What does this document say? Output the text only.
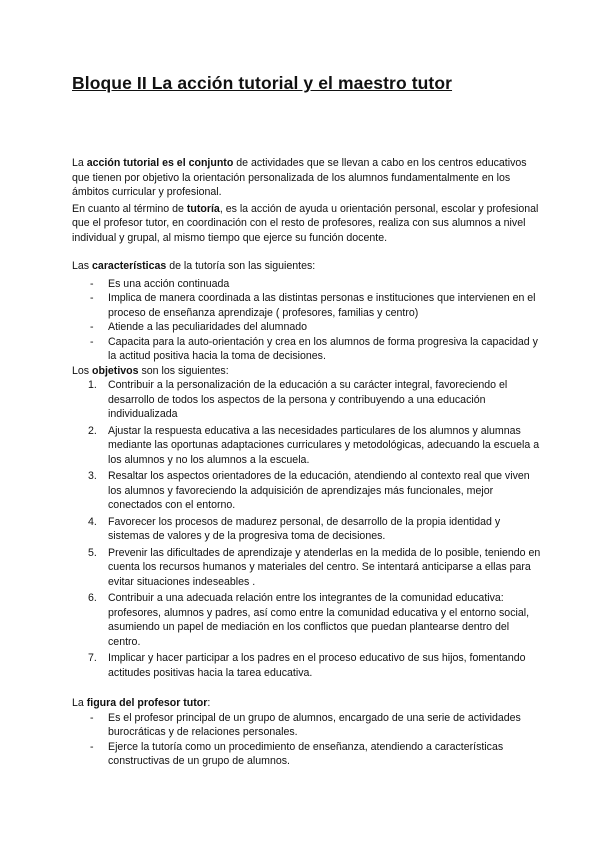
Bloque II La acción tutorial y el maestro tutor

La acción tutorial es el conjunto de actividades que se llevan a cabo en los centros educativos que tienen por objetivo la orientación personalizada de los alumnos fundamentalmente en los ámbitos curricular y profesional.

En cuanto al término de tutoría, es la acción de ayuda u orientación personal, escolar y profesional que el profesor tutor, en coordinación con el resto de profesores, realiza con sus alumnos a nivel individual y grupal, al mismo tiempo que ejerce su función docente.

Las características de la tutoría son las siguientes:

- Es una acción continuada
- Implica de manera coordinada a las distintas personas e instituciones que intervienen en el proceso de enseñanza aprendizaje ( profesores, familias y centro)
- Atiende a las peculiaridades del alumnado
- Capacita para la auto-orientación y crea en los alumnos de forma progresiva la capacidad y la actitud positiva hacia la toma de decisiones.

Los objetivos son los siguientes:

1. Contribuir a la personalización de la educación a su carácter integral, favoreciendo el desarrollo de todos los aspectos de la persona y contribuyendo a una educación individualizada
2. Ajustar la respuesta educativa a las necesidades particulares de los alumnos y alumnas mediante las oportunas adaptaciones curriculares y metodológicas, adecuando la escuela a los alumnos y no los alumnos a la escuela.
3. Resaltar los aspectos orientadores de la educación, atendiendo al contexto real que viven los alumnos y favoreciendo la adquisición de aprendizajes más funcionales, mejor conectados con el entorno.
4. Favorecer los procesos de madurez personal, de desarrollo de la propia identidad y sistemas de valores y de la progresiva toma de decisiones.
5. Prevenir las dificultades de aprendizaje y atenderlas en la medida de lo posible, teniendo en cuenta los recursos humanos y materiales del centro. Se intentará anticiparse a ellas para evitar situaciones indeseables .
6. Contribuir a una adecuada relación entre los integrantes de la comunidad educativa: profesores, alumnos y padres, así como entre la comunidad educativa y el entorno social, asumiendo un papel de mediación en los conflictos que puedan plantearse dentro del centro.
7. Implicar y hacer participar a los padres en el proceso educativo de sus hijos, fomentando actitudes positivas hacia la tarea educativa.

La figura del profesor tutor:

- Es el profesor principal de un grupo de alumnos, encargado de una serie de actividades burocráticas y de relaciones personales.
- Ejerce la tutoría como un procedimiento de enseñanza, atendiendo a características constructivas de un grupo de alumnos.
